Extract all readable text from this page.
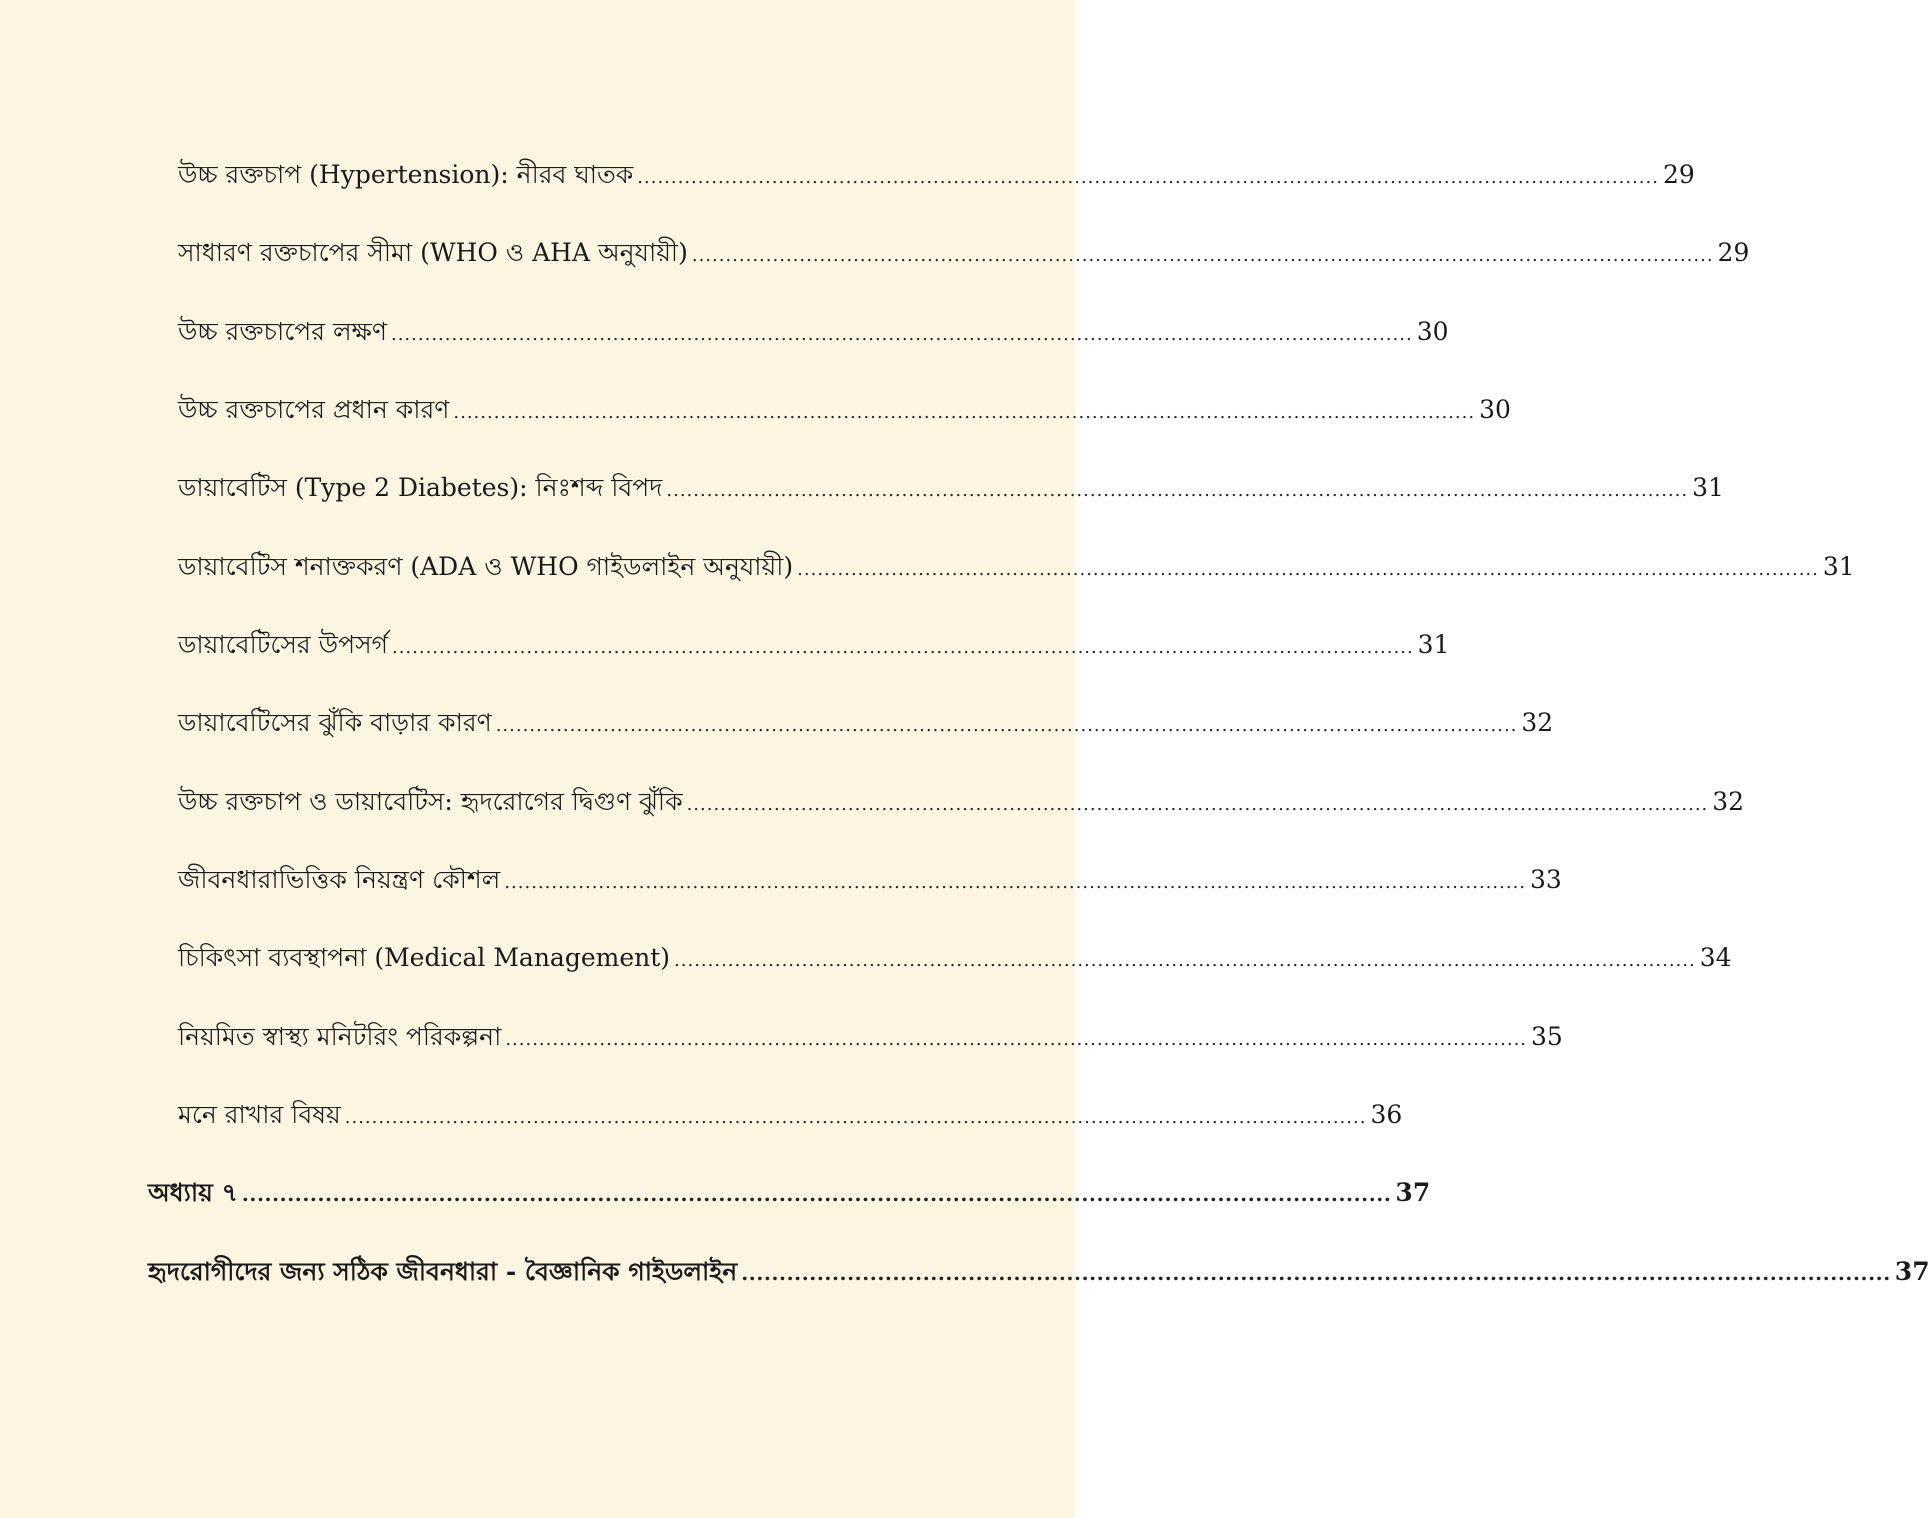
উচ্চ রক্তচাপ (Hypertension): নীরব ঘাতক ........................................................................................................................................................ 29
সাধারণ রক্তচাপের সীমা (WHO ও AHA অনুযায়ী) ........................................................................................................................................................ 29
উচ্চ রক্তচাপের লক্ষণ ........................................................................................................................................................ 30
উচ্চ রক্তচাপের প্রধান কারণ ........................................................................................................................................................ 30
ডায়াবেটিস (Type 2 Diabetes): নিঃশব্দ বিপদ ........................................................................................................................................................ 31
ডায়াবেটিস শনাক্তকরণ (ADA ও WHO গাইডলাইন অনুযায়ী) ........................................................................................................................................................ 31
ডায়াবেটিসের উপসর্গ ........................................................................................................................................................ 31
ডায়াবেটিসের ঝুঁকি বাড়ার কারণ ........................................................................................................................................................ 32
উচ্চ রক্তচাপ ও ডায়াবেটিস: হৃদরোগের দ্বিগুণ ঝুঁকি ........................................................................................................................................................ 32
জীবনধারাভিত্তিক নিয়ন্ত্রণ কৌশল ........................................................................................................................................................ 33
চিকিৎসা ব্যবস্থাপনা (Medical Management) ........................................................................................................................................................ 34
নিয়মিত স্বাস্থ্য মনিটরিং পরিকল্পনা ........................................................................................................................................................ 35
মনে রাখার বিষয় ........................................................................................................................................................ 36
অধ্যায় ৭ ........................................................................................................................................................ 37
হৃদরোগীদের জন্য সঠিক জীবনধারা - বৈজ্ঞানিক গাইডলাইন ........................................................................................................................................................ 37
